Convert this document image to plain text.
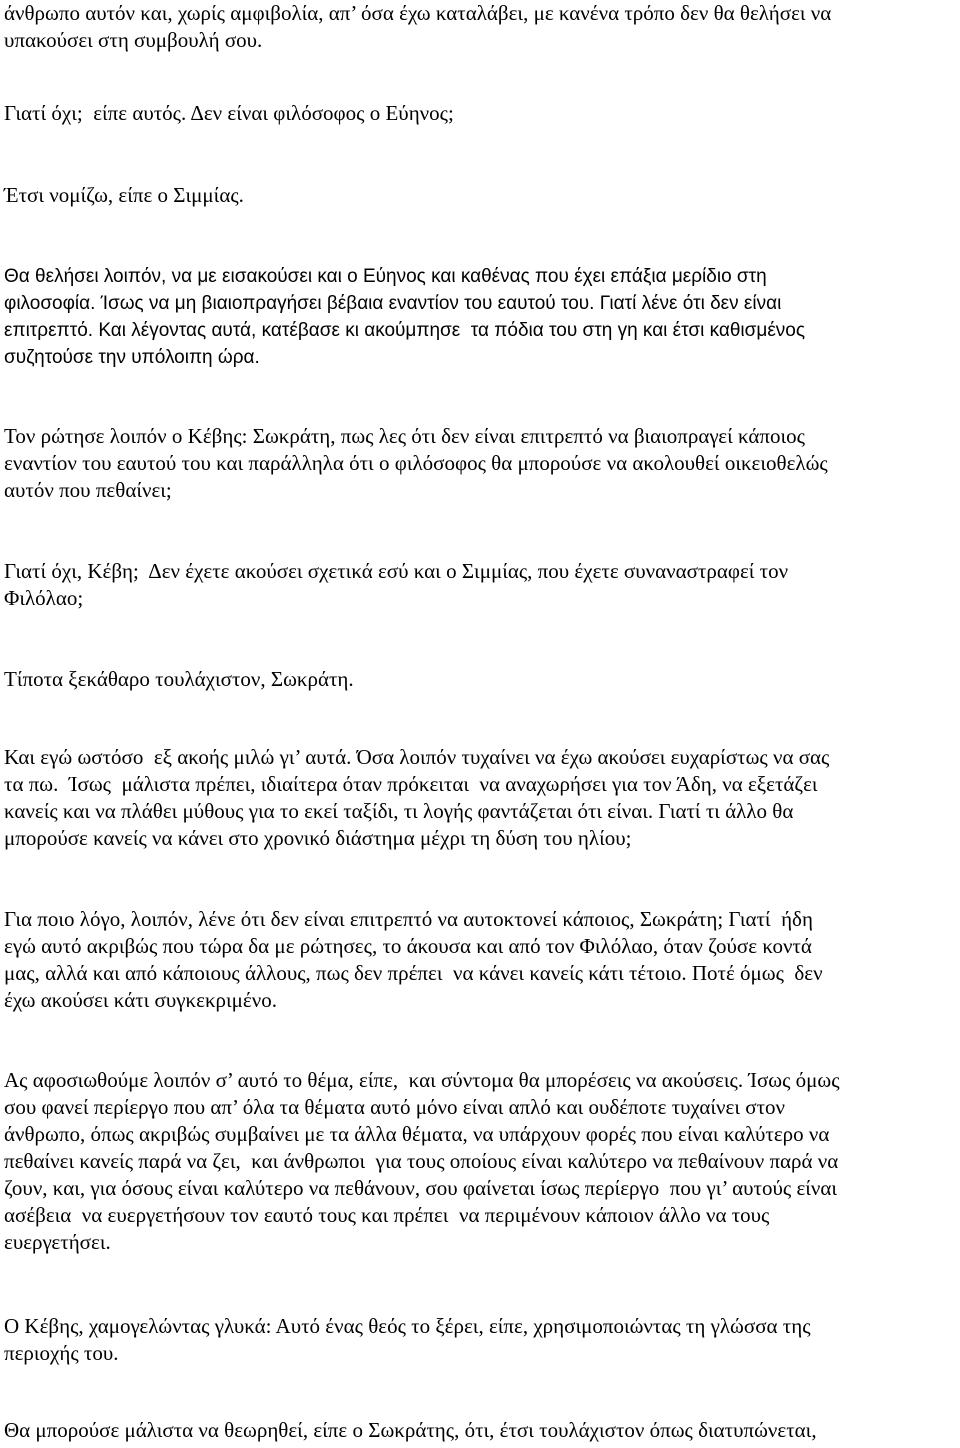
άνθρωπο αυτόν και, χωρίς αμφιβολία, απ’ όσα έχω καταλάβει, με κανένα τρόπο δεν θα θελήσει να
υπακούσει στη συμβουλή σου.
Γιατί όχι;  είπε αυτός. Δεν είναι φιλόσοφος ο Εύηνος;
Έτσι νομίζω, είπε ο Σιμμίας.
Θα θελήσει λοιπόν, να με εισακούσει και ο Εύηνος και καθένας που έχει επάξια μερίδιο στη
φιλοσοφία. Ίσως να μη βιαιοπραγήσει βέβαια εναντίον του εαυτού του. Γιατί λένε ότι δεν είναι
επιτρεπτό. Και λέγοντας αυτά, κατέβασε κι ακούμπησε  τα πόδια του στη γη και έτσι καθισμένος
συζητούσε την υπόλοιπη ώρα.
Τον ρώτησε λοιπόν ο Κέβης: Σωκράτη, πως λες ότι δεν είναι επιτρεπτό να βιαιοπραγεί κάποιος
εναντίον του εαυτού του και παράλληλα ότι ο φιλόσοφος θα μπορούσε να ακολουθεί οικειοθελώς
αυτόν που πεθαίνει;
Γιατί όχι, Κέβη;  Δεν έχετε ακούσει σχετικά εσύ και ο Σιμμίας, που έχετε συναναστραφεί τον
Φιλόλαο;
Τίποτα ξεκάθαρο τουλάχιστον, Σωκράτη.
Και εγώ ωστόσο  εξ ακοής μιλώ γι’ αυτά. Όσα λοιπόν τυχαίνει να έχω ακούσει ευχαρίστως να σας
τα πω.  Ίσως  μάλιστα πρέπει, ιδιαίτερα όταν πρόκειται  να αναχωρήσει για τον Άδη, να εξετάζει
κανείς και να πλάθει μύθους για το εκεί ταξίδι, τι λογής φαντάζεται ότι είναι. Γιατί τι άλλο θα
μπορούσε κανείς να κάνει στο χρονικό διάστημα μέχρι τη δύση του ηλίου;
Για ποιο λόγο, λοιπόν, λένε ότι δεν είναι επιτρεπτό να αυτοκτονεί κάποιος, Σωκράτη; Γιατί  ήδη
εγώ αυτό ακριβώς που τώρα δα με ρώτησες, το άκουσα και από τον Φιλόλαο, όταν ζούσε κοντά
μας, αλλά και από κάποιους άλλους, πως δεν πρέπει  να κάνει κανείς κάτι τέτοιο. Ποτέ όμως  δεν
έχω ακούσει κάτι συγκεκριμένο.
Ας αφοσιωθούμε λοιπόν σ’ αυτό το θέμα, είπε,  και σύντομα θα μπορέσεις να ακούσεις. Ίσως όμως
σου φανεί περίεργο που απ’ όλα τα θέματα αυτό μόνο είναι απλό και ουδέποτε τυχαίνει στον
άνθρωπο, όπως ακριβώς συμβαίνει με τα άλλα θέματα, να υπάρχουν φορές που είναι καλύτερο να
πεθαίνει κανείς παρά να ζει,  και άνθρωποι  για τους οποίους είναι καλύτερο να πεθαίνουν παρά να
ζουν, και, για όσους είναι καλύτερο να πεθάνουν, σου φαίνεται ίσως περίεργο  που γι’ αυτούς είναι
ασέβεια  να ευεργετήσουν τον εαυτό τους και πρέπει  να περιμένουν κάποιον άλλο να τους
ευεργετήσει.
Ο Κέβης, χαμογελώντας γλυκά: Αυτό ένας θεός το ξέρει, είπε, χρησιμοποιώντας τη γλώσσα της
περιοχής του.
Θα μπορούσε μάλιστα να θεωρηθεί, είπε ο Σωκράτης, ότι, έτσι τουλάχιστον όπως διατυπώνεται,
